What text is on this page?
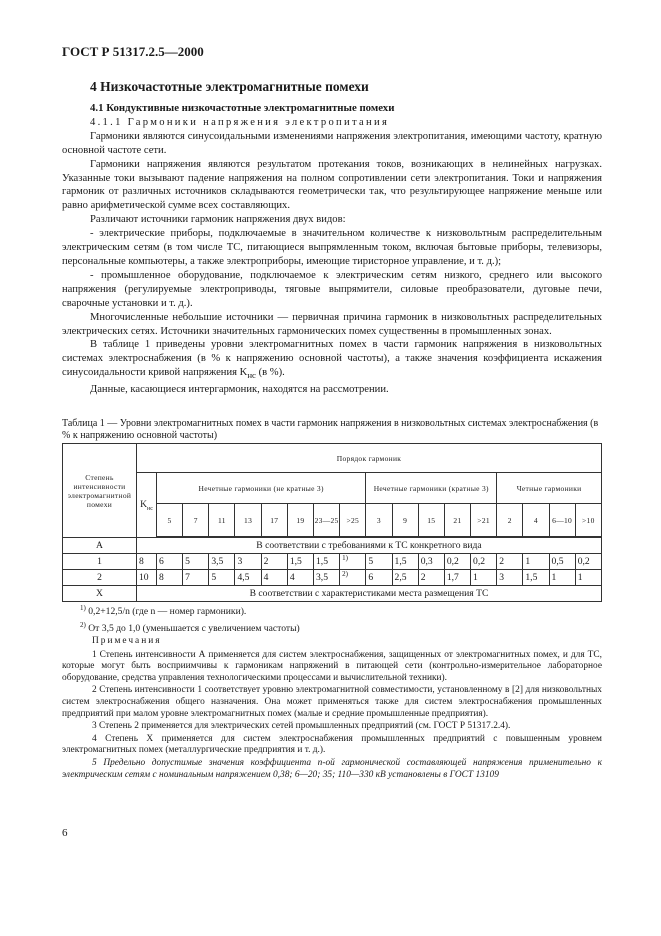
ГОСТ Р 51317.2.5—2000
4 Низкочастотные электромагнитные помехи

4.1 Кондуктивные низкочастотные электромагнитные помехи

4.1.1 Гармоники напряжения электропитания

Гармоники являются синусоидальными изменениями напряжения электропитания, имеющими частоту, кратную основной частоте сети.

Гармоники напряжения являются результатом протекания токов, возникающих в нелинейных нагрузках. Указанные токи вызывают падение напряжения на полном сопротивлении сети электропитания. Токи и напряжения гармоник от различных источников складываются геометрически так, что результирующее напряжение меньше или равно арифметической сумме всех составляющих.

Различают источники гармоник напряжения двух видов:

- электрические приборы, подключаемые в значительном количестве к низковольтным распределительным электрическим сетям (в том числе ТС, питающиеся выпрямленным током, включая бытовые приборы, телевизоры, персональные компьютеры, а также электроприборы, имеющие тиристорное управление, и т. д.);

- промышленное оборудование, подключаемое к электрическим сетям низкого, среднего или высокого напряжения (регулируемые электроприводы, тяговые выпрямители, силовые преобразователи, дуговые печи, сварочные установки и т. д.).

Многочисленные небольшие источники — первичная причина гармоник в низковольтных распределительных электрических сетях. Источники значительных гармонических помех существенны в промышленных зонах.

В таблице 1 приведены уровни электромагнитных помех в части гармоник напряжения в низковольтных системах электроснабжения (в % к напряжению основной частоты), а также значения коэффициента искажения синусоидальности кривой напряжения $K_{нс}$ (в %).

Данные, касающиеся интергармоник, находятся на рассмотрении.

Таблица 1 — Уровни электромагнитных помех в части гармоник напряжения в низковольтных системах электроснабжения (в % к напряжению основной частоты)
Степень интенсивности электромагнитной помехи	Порядок гармоник																	
	$K_{нс}$	Нечетные гармоники (не кратные 3)								Нечетные гармоники (кратные 3)					Четные гармоники			
		5	7	11	13	17	19	23—25	>25	3	9	15	21	>21	2	4	6—10	>10

А	В соответствии с требованиями к ТС конкретного вида																	
1	8	6	5	3,5	3	2	1,5	1,5	1)	5	1,5	0,3	0,2	0,2	2	1	0,5	0,2
2	10	8	7	5	4,5	4	4	3,5	2)	6	2,5	2	1,7	1	3	1,5	1	1
X	В соответствии с характеристиками места размещения ТС																	
$^{1)}$ 0,2+12,5/n (где n — номер гармоники).
$^{2)}$ От 3,5 до 1,0 (уменьшается с увеличением частоты)

Примечания

1 Степень интенсивности А применяется для систем электроснабжения, защищенных от электромагнитных помех, и для ТС, которые могут быть восприимчивы к гармоникам напряжений в питающей сети (контрольно-измерительное лабораторное оборудование, средства управления технологическими процессами и вычислительной техники).

2 Степень интенсивности 1 соответствует уровню электромагнитной совместимости, установленному в [2] для низковольтных систем электроснабжения общего назначения. Она может применяться также для систем электроснабжения промышленных предприятий при малом уровне электромагнитных помех (малые и средние промышленные предприятия).

3 Степень 2 применяется для электрических сетей промышленных предприятий (см. ГОСТ Р 51317.2.4).

4 Степень X применяется для систем электроснабжения промышленных предприятий с повышенным уровнем электромагнитных помех (металлургические предприятия и т. д.).

5 Предельно допустимые значения коэффициента n-ой гармонической составляющей напряжения применительно к электрическим сетям с номинальным напряжением 0,38; 6—20; 35; 110—330 кВ установлены в ГОСТ 13109

6
